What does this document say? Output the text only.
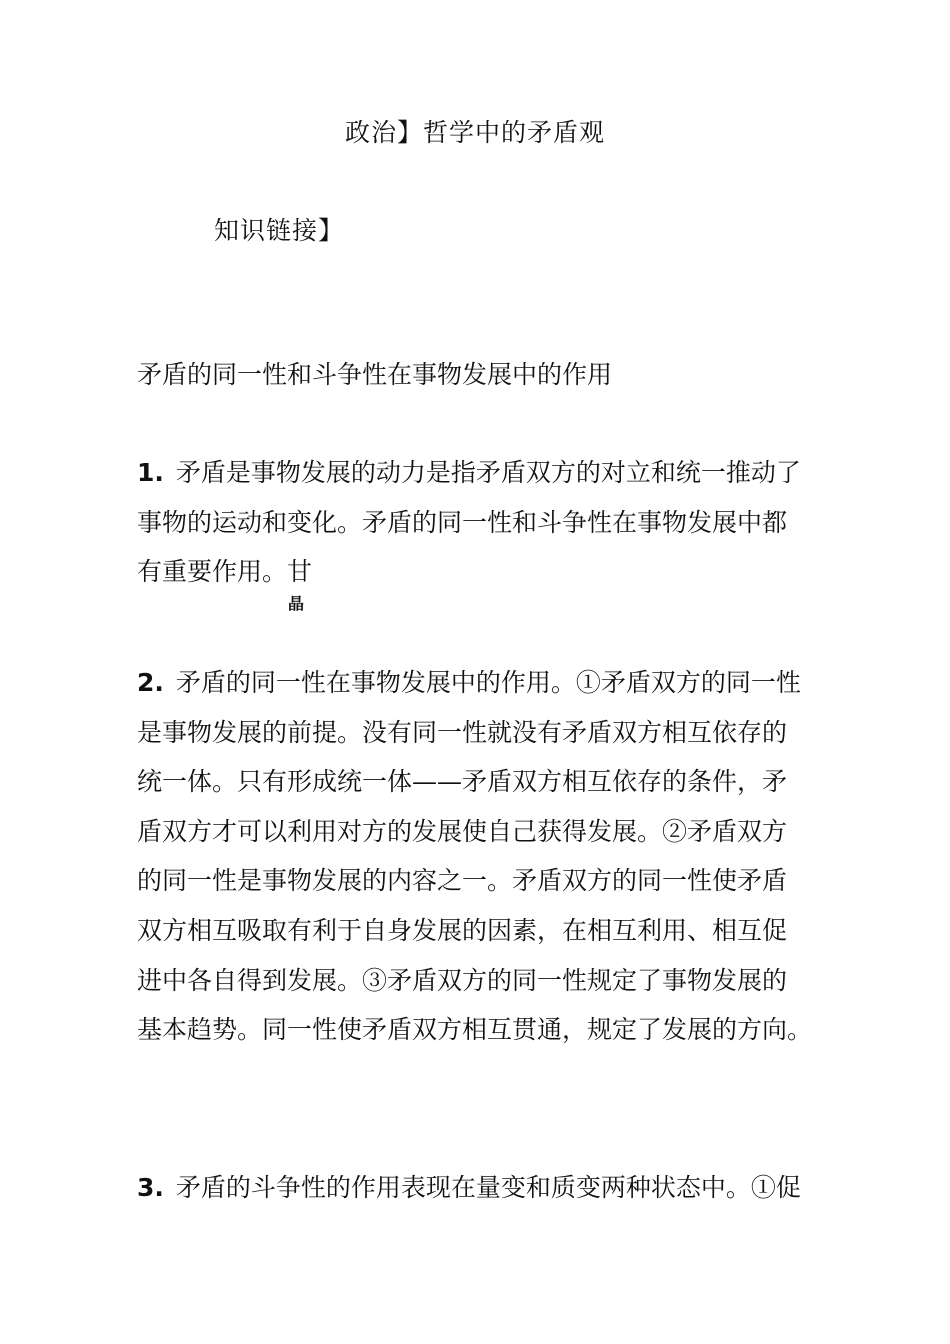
政治】哲学中的矛盾观
知识链接】
矛盾的同一性和斗争性在事物发展中的作用

1. 矛盾是事物发展的动力是指矛盾双方的对立和统一推动了
事物的运动和变化。矛盾的同一性和斗争性在事物发展中都
有重要作用。甘

晶

2. 矛盾的同一性在事物发展中的作用。①矛盾双方的同一性
是事物发展的前提。没有同一性就没有矛盾双方相互依存的
统一体。只有形成统一体——矛盾双方相互依存的条件，矛
盾双方才可以利用对方的发展使自己获得发展。②矛盾双方
的同一性是事物发展的内容之一。矛盾双方的同一性使矛盾
双方相互吸取有利于自身发展的因素，在相互利用、相互促
进中各自得到发展。③矛盾双方的同一性规定了事物发展的
基本趋势。同一性使矛盾双方相互贯通，规定了发展的方向。

3. 矛盾的斗争性的作用表现在量变和质变两种状态中。①促
